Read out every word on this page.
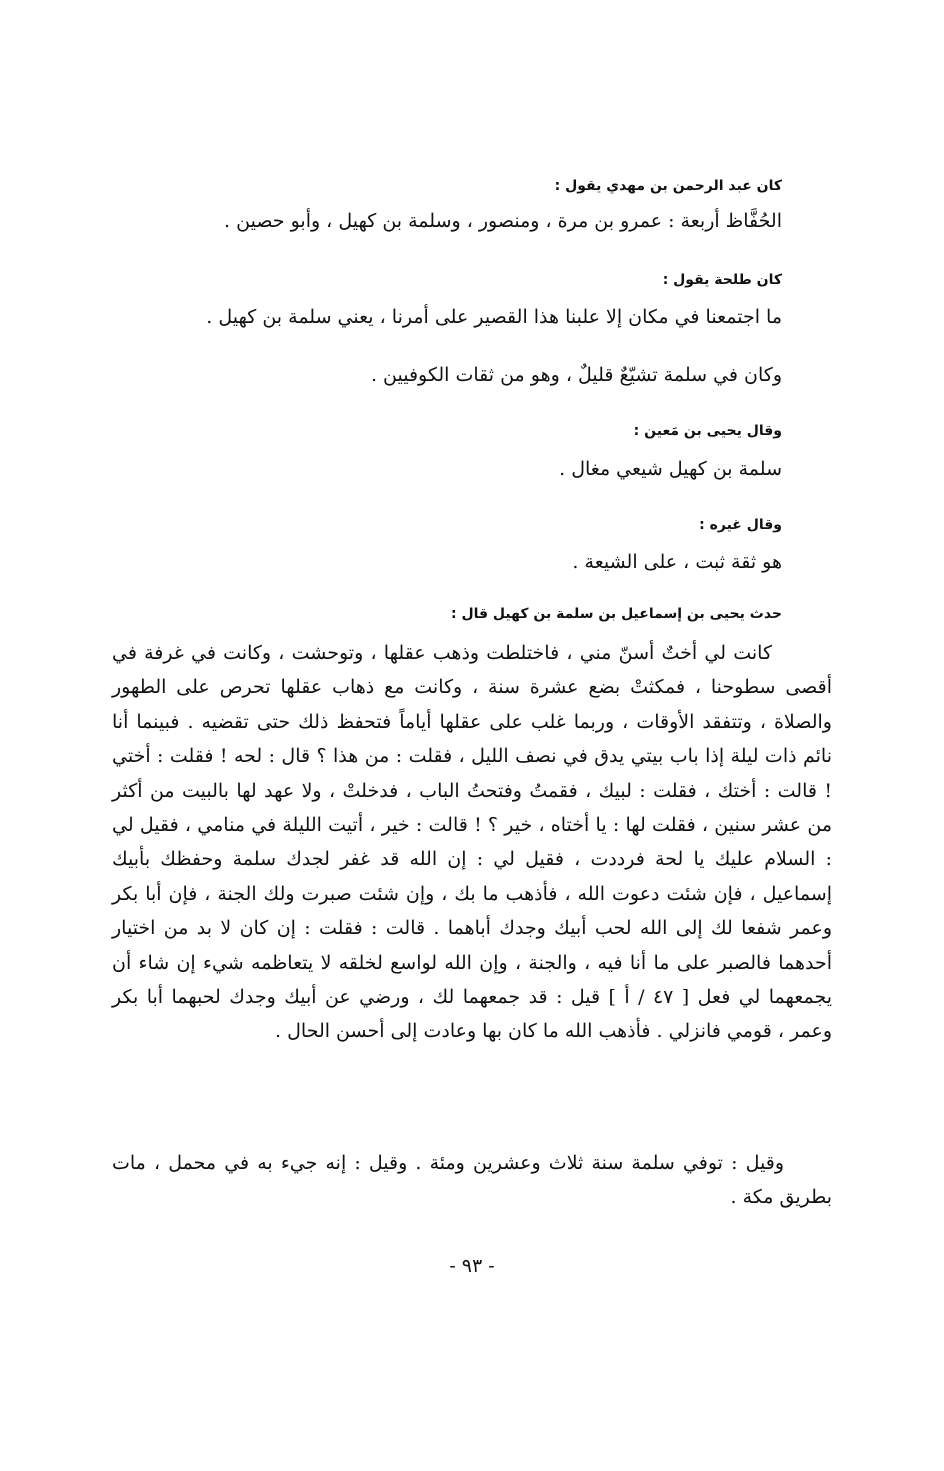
كان عبد الرحمن بن مهدي يقول :
الحُفَّاظ أربعة : عمرو بن مرة ، ومنصور ، وسلمة بن كهيل ، وأبو حصين .
كان طلحة يقول :
ما اجتمعنا في مكان إلا علبنا هذا القصير على أمرنا ، يعني سلمة بن كهيل .
وكان في سلمة تشيّعٌ قليلٌ ، وهو من ثقات الكوفيين .
وقال يحيى بن مَعين :
سلمة بن كهيل شيعي مغال .
وقال غيره :
هو ثقة ثبت ، على الشيعة .
حدث يحيى بن إسماعيل بن سلمة بن كهيل قال :
كانت لي أختٌ أسنّ مني ، فاختلطت وذهب عقلها ، وتوحشت ، وكانت في غرفة في أقصى سطوحنا ، فمكثتْ بضع عشرة سنة ، وكانت مع ذهاب عقلها تحرص على الطهور والصلاة ، وتتفقد الأوقات ، وربما غلب على عقلها أياماً فتحفظ ذلك حتى تقضيه . فبينما أنا نائم ذات ليلة إذا باب بيتي يدق في نصف الليل ، فقلت : من هذا ؟ قال : لحه ! فقلت : أختي ! قالت : أختك ، فقلت : لبيك ، فقمتُ وفتحتُ الباب ، فدخلتْ ، ولا عهد لها بالبيت من أكثر من عشر سنين ، فقلت لها : يا أختاه ، خير ؟ ! قالت : خير ، أتيت الليلة في منامي ، فقيل لي : السلام عليك يا لحة فرددت ، فقيل لي : إن الله قد غفر لجدك سلمة وحفظك بأبيك إسماعيل ، فإن شئت دعوت الله ، فأذهب ما بك ، وإن شئت صبرت ولك الجنة ، فإن أبا بكر وعمر شفعا لك إلى الله لحب أبيك وجدك أباهما . قالت : فقلت : إن كان لا بد من اختيار أحدهما فالصبر على ما أنا فيه ، والجنة ، وإن الله لواسع لخلقه لا يتعاظمه شيء إن شاء أن يجمعهما لي فعل [ ٤٧ / أ ] قيل : قد جمعهما لك ، ورضي عن أبيك وجدك لحبهما أبا بكر وعمر ، قومي فانزلي . فأذهب الله ما كان بها وعادت إلى أحسن الحال .
وقيل : توفي سلمة سنة ثلاث وعشرين ومئة . وقيل : إنه جيء به في محمل ، مات بطريق مكة .
- ٩٣ -
